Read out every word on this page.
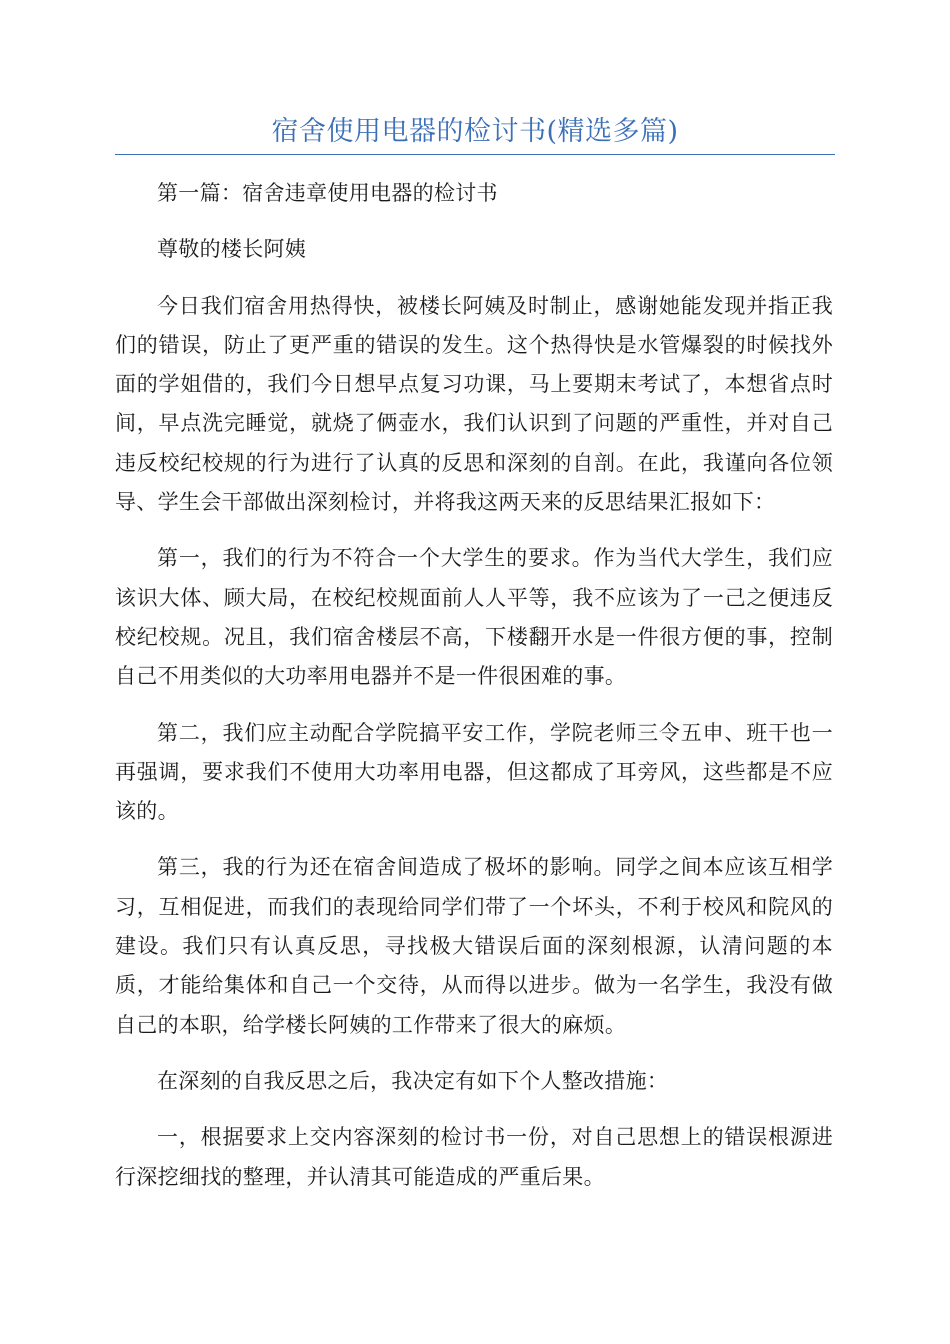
宿舍使用电器的检讨书(精选多篇)

第一篇：宿舍违章使用电器的检讨书

尊敬的楼长阿姨

今日我们宿舍用热得快，被楼长阿姨及时制止，感谢她能发现并指正我们的错误，防止了更严重的错误的发生。这个热得快是水管爆裂的时候找外面的学姐借的，我们今日想早点复习功课，马上要期末考试了，本想省点时间，早点洗完睡觉，就烧了俩壶水，我们认识到了问题的严重性，并对自己违反校纪校规的行为进行了认真的反思和深刻的自剖。在此，我谨向各位领导、学生会干部做出深刻检讨，并将我这两天来的反思结果汇报如下：

第一，我们的行为不符合一个大学生的要求。作为当代大学生，我们应该识大体、顾大局，在校纪校规面前人人平等，我不应该为了一己之便违反校纪校规。况且，我们宿舍楼层不高，下楼翻开水是一件很方便的事，控制自己不用类似的大功率用电器并不是一件很困难的事。

第二，我们应主动配合学院搞平安工作，学院老师三令五申、班干也一再强调，要求我们不使用大功率用电器，但这都成了耳旁风，这些都是不应该的。

第三，我的行为还在宿舍间造成了极坏的影响。同学之间本应该互相学习，互相促进，而我们的表现给同学们带了一个坏头，不利于校风和院风的建设。我们只有认真反思，寻找极大错误后面的深刻根源，认清问题的本质，才能给集体和自己一个交待，从而得以进步。做为一名学生，我没有做自己的本职，给学楼长阿姨的工作带来了很大的麻烦。

在深刻的自我反思之后，我决定有如下个人整改措施：

一，根据要求上交内容深刻的检讨书一份，对自己思想上的错误根源进行深挖细找的整理，并认清其可能造成的严重后果。
